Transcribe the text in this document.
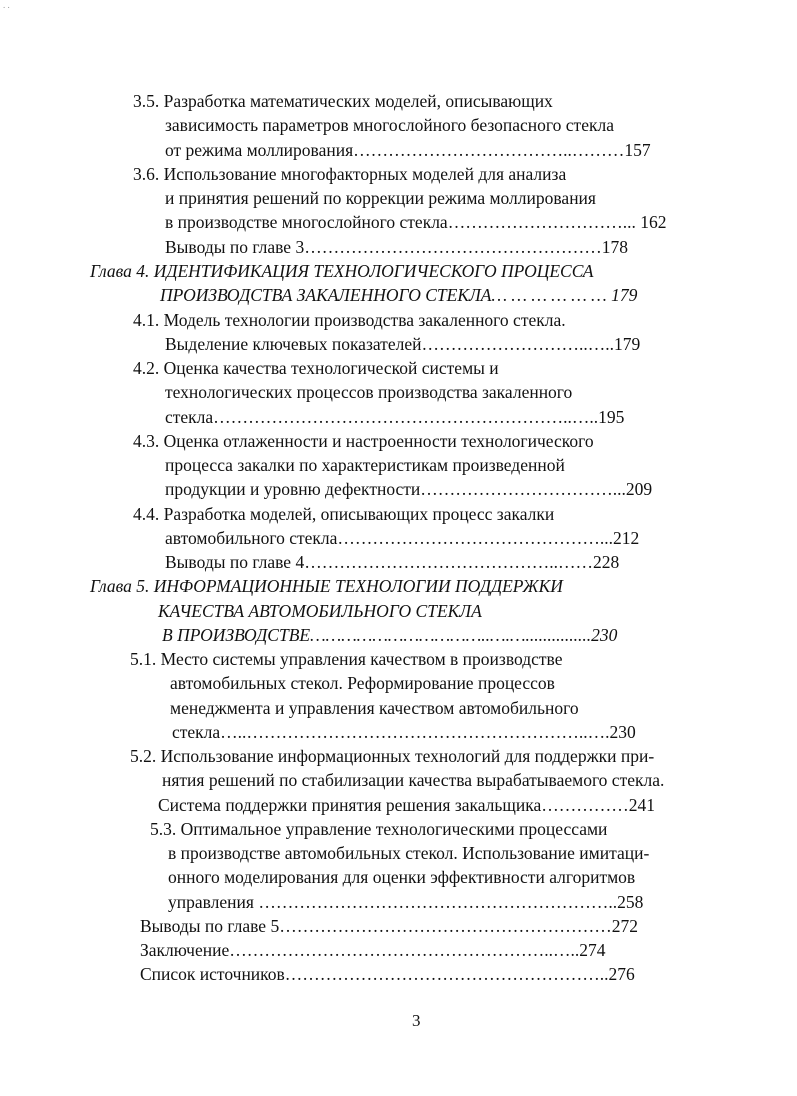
. .

3.5. Разработка математических моделей, описывающих

зависимость параметров многослойного безопасного стекла

от режима моллирования………………………………..………157

3.6. Использование многофакторных моделей для анализа

и принятия решений по коррекции режима моллирования

в производстве многослойного стекла…………………………... 162

Выводы по главе 3……………………………………………178

Глава 4. ИДЕНТИФИКАЦИЯ ТЕХНОЛОГИЧЕСКОГО ПРОЦЕССА

ПРОИЗВОДСТВА ЗАКАЛЕННОГО СТЕКЛА… … … … … … 179

4.1. Модель технологии производства закаленного стекла.

Выделение ключевых показателей………………………..…..179

4.2. Оценка качества технологической системы и

технологических процессов производства закаленного

стекла……………………………………………………..…..195

4.3. Оценка отлаженности и настроенности технологического

процесса закалки по характеристикам произведенной

продукции и уровню дефектности……………………………...209

4.4. Разработка моделей, описывающих процесс закалки

автомобильного стекла………………………………………...212

Выводы по главе 4……………………………………..……228

Глава 5. ИНФОРМАЦИОННЫЕ ТЕХНОЛОГИИ ПОДДЕРЖКИ

КАЧЕСТВА АВТОМОБИЛЬНОГО СТЕКЛА

В ПРОИЗВОДСТВЕ……………………………..….…...............230

5.1. Место системы управления качеством в производстве

автомобильных стекол. Реформирование процессов

менеджмента и управления качеством автомобильного

стекла…..…………………………………………………..….230

5.2. Использование информационных технологий для поддержки при-

нятия решений по стабилизации качества вырабатываемого стекла.

Система поддержки принятия решения закальщика……………241

5.3. Оптимальное управление технологическими процессами

в производстве автомобильных стекол. Использование имитаци-

онного моделирования для оценки эффективности алгоритмов

управления ……………………………………………………..258

Выводы по главе 5…………………………………………………272

Заключение………………………………………………..…..274

Список источников………………………………………………..276

3
